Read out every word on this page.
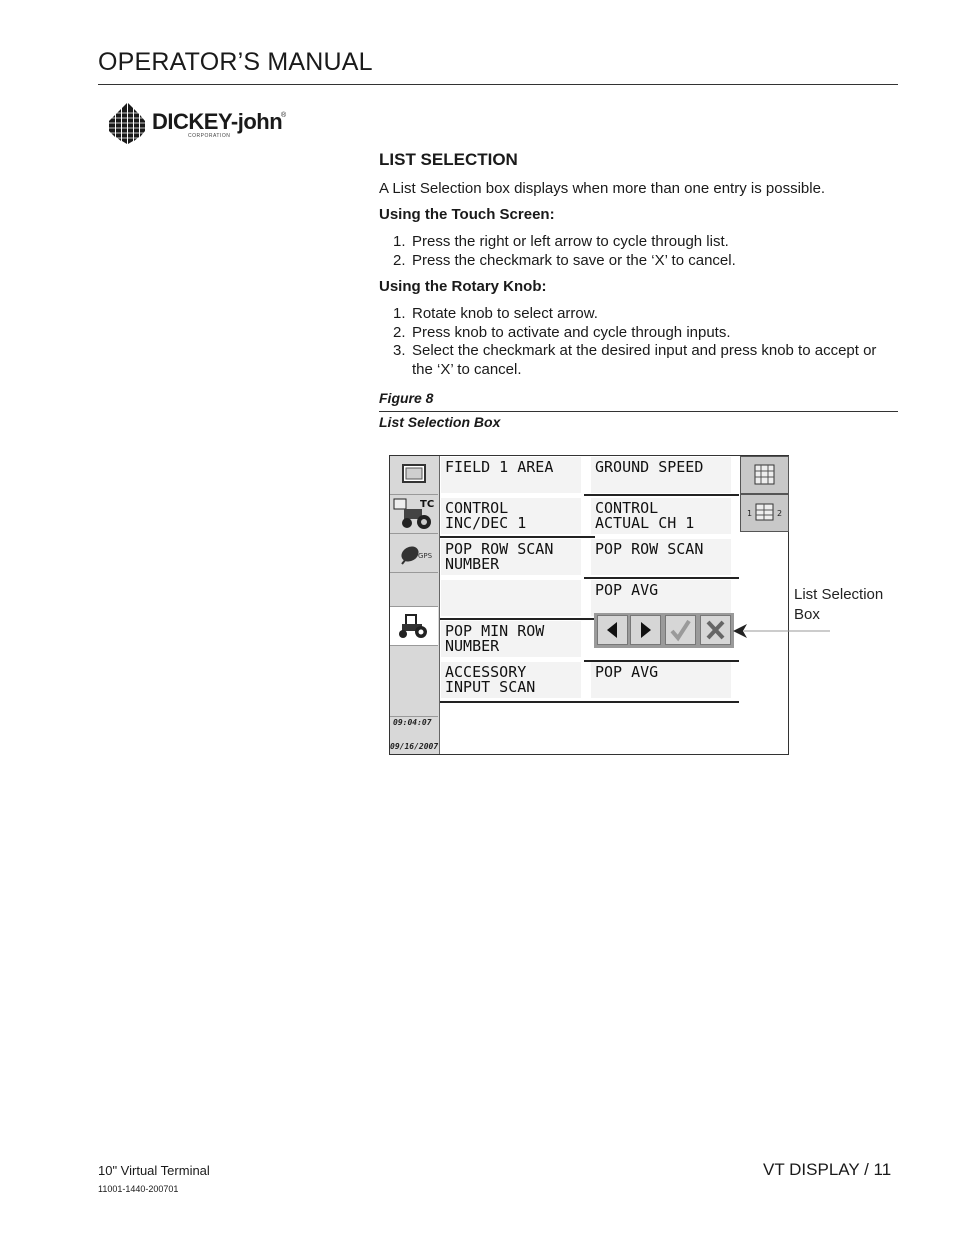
OPERATOR’S MANUAL
DICKEY-john
®
CORPORATION
LIST SELECTION
A List Selection box displays when more than one entry is possible.
Using the Touch Screen:
1. Press the right or left arrow to cycle through list.
2. Press the checkmark to save or the ‘X’ to cancel.
Using the Rotary Knob:
1. Rotate knob to select arrow.
2. Press knob to activate and cycle through inputs.
3. Select the checkmark at the desired input and press knob to accept or the ‘X’ to cancel.
Figure 8
List Selection Box
TC
GPS
09:04:07
09/16/2007
1	2
FIELD 1 AREA	GROUND SPEED
CONTROL
INC/DEC 1
CONTROL
ACTUAL CH 1
POP ROW SCAN
NUMBER
POP ROW SCAN
POP AVG
POP MIN ROW
NUMBER
ACCESSORY
INPUT SCAN
POP AVG
List Selection Box
10" Virtual Terminal
11001-1440-200701
VT DISPLAY / 11
